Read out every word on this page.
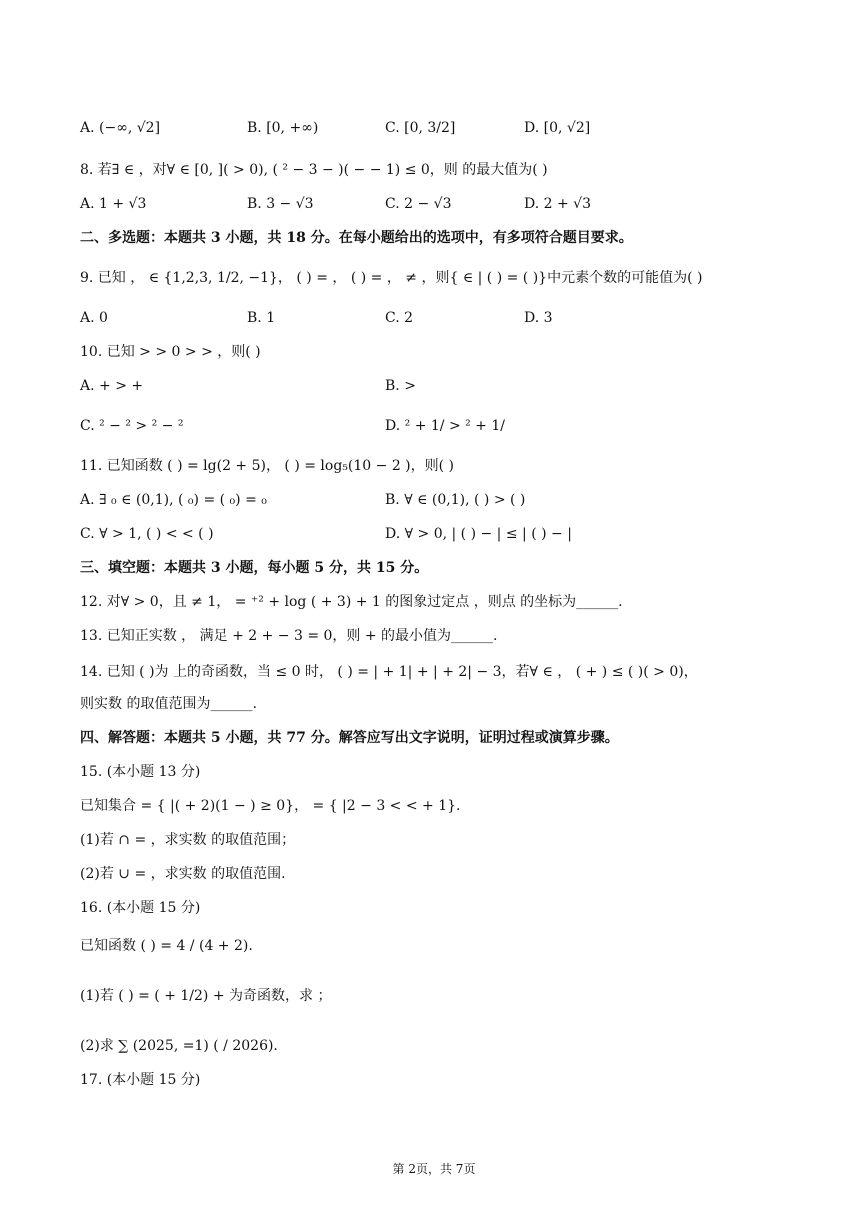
A. (−∞, √2]	B. [0, +∞)	C. [0, 3/2]	D. [0, √2]
8. 若∃ ∈ ，对∀ ∈ [0, ]( > 0), ( ² − 3 − )( − − 1) ≤ 0，则 的最大值为( )
A. 1 + √3	B. 3 − √3	C. 2 − √3	D. 2 + √3
二、多选题：本题共 3 小题，共 18 分。在每小题给出的选项中，有多项符合题目要求。
9. 已知 ， ∈ {1,2,3, 1/2, −1}， ( ) = ， ( ) = ， ≠ ，则{ ∈ | ( ) = ( )}中元素个数的可能值为( )
A. 0	B. 1	C. 2	D. 3
10. 已知 > > 0 > > ，则( )
A. + > +	B. >
C. ² − ² > ² − ²	D. ² + 1/ > ² + 1/
11. 已知函数 ( ) = lg(2 + 5)， ( ) = log₅(10 − 2 )，则( )
A. ∃ ₀ ∈ (0,1), ( ₀) = ( ₀) = ₀	B. ∀ ∈ (0,1), ( ) > ( )
C. ∀ > 1, ( ) < < ( )	D. ∀ > 0, | ( ) − | ≤ | ( ) − |
三、填空题：本题共 3 小题，每小题 5 分，共 15 分。
12. 对∀ > 0，且 ≠ 1， = ⁺² + log ( + 3) + 1 的图象过定点 ，则点 的坐标为______.
13. 已知正实数 ， 满足 + 2 + − 3 = 0，则 + 的最小值为______.
14. 已知 ( )为 上的奇函数，当 ≤ 0 时， ( ) = | + 1| + | + 2| − 3，若∀ ∈ ， ( + ) ≤ ( )( > 0)，
则实数 的取值范围为______.
四、解答题：本题共 5 小题，共 77 分。解答应写出文字说明，证明过程或演算步骤。
15. (本小题 13 分)
已知集合 = { |( + 2)(1 − ) ≥ 0}， = { |2 − 3 < < + 1}.
(1)若 ∩ = ，求实数 的取值范围；
(2)若 ∪ = ，求实数 的取值范围.
16. (本小题 15 分)
已知函数 ( ) = 4 / (4 + 2).
(1)若 ( ) = ( + 1/2) + 为奇函数，求 ；
(2)求 ∑ (2025, =1) ( / 2026).
17. (本小题 15 分)
第 2页，共 7页
